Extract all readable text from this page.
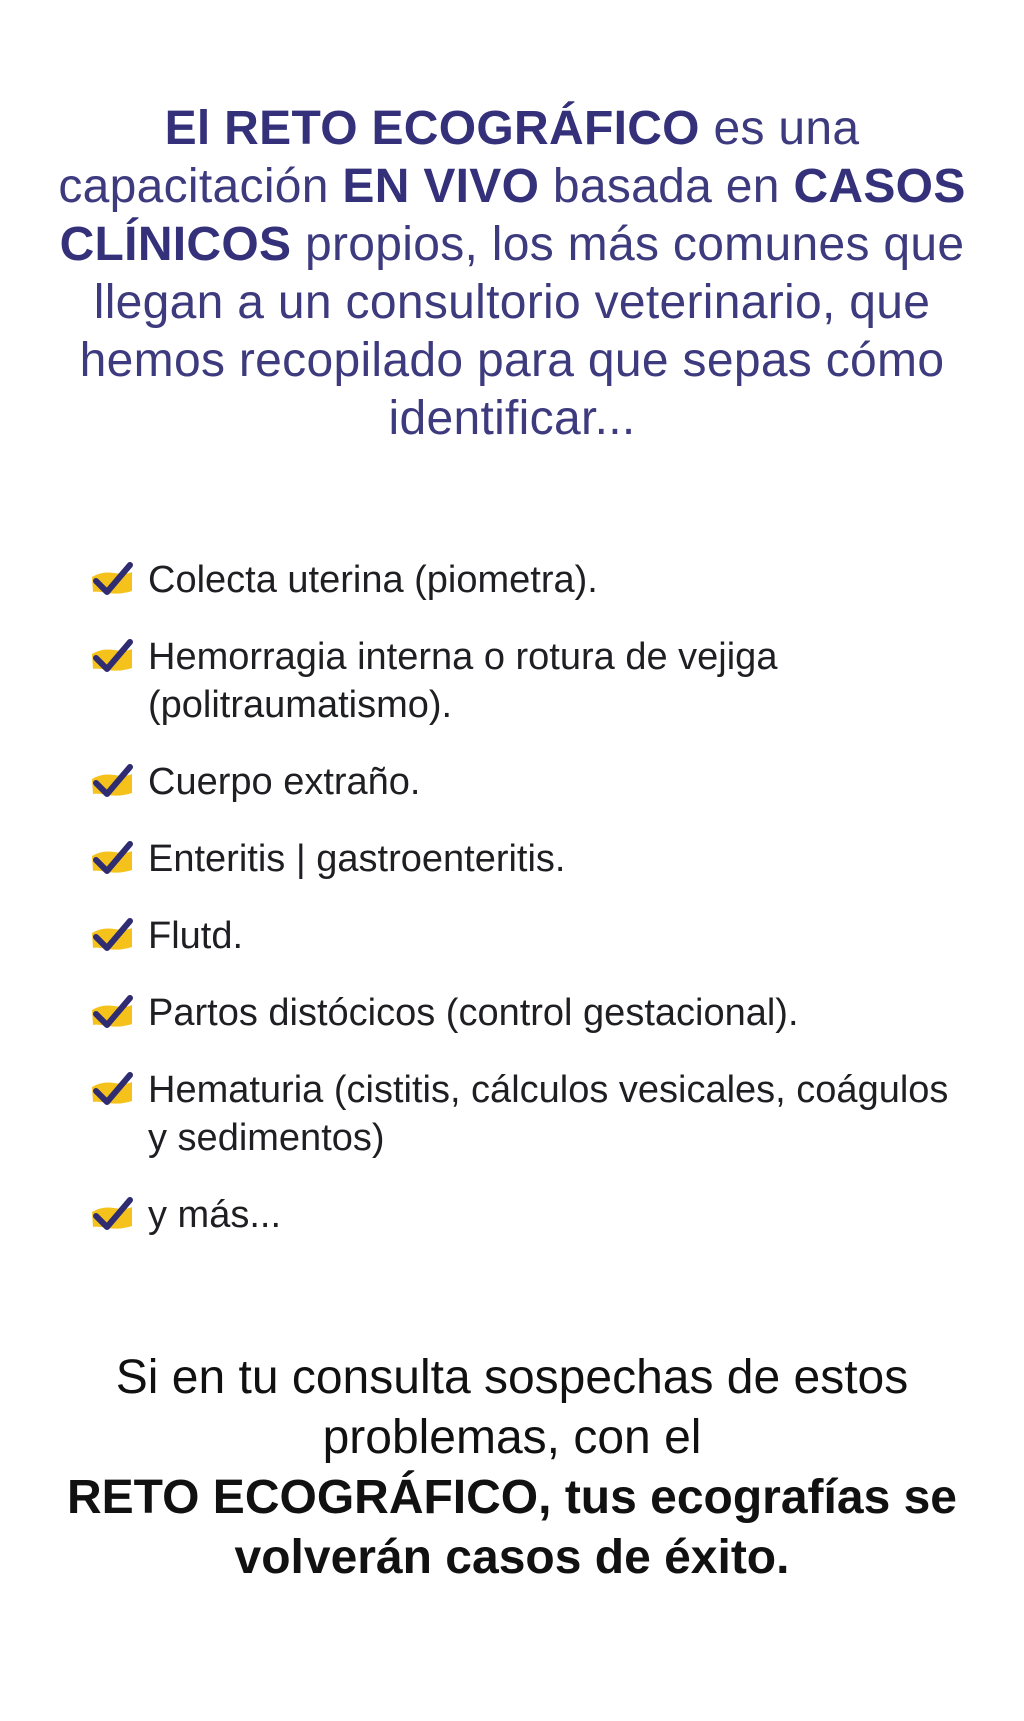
El RETO ECOGRÁFICO es una capacitación EN VIVO basada en CASOS CLÍNICOS propios, los más comunes que llegan a un consultorio veterinario, que hemos recopilado para que sepas cómo identificar...
Colecta uterina (piometra).
Hemorragia interna o rotura de vejiga (politraumatismo).
Cuerpo extraño.
Enteritis | gastroenteritis.
Flutd.
Partos distócicos (control gestacional).
Hematuria (cistitis, cálculos vesicales, coágulos y sedimentos)
y más...
Si en tu consulta sospechas de estos problemas, con el
RETO ECOGRÁFICO, tus ecografías se volverán casos de éxito.
